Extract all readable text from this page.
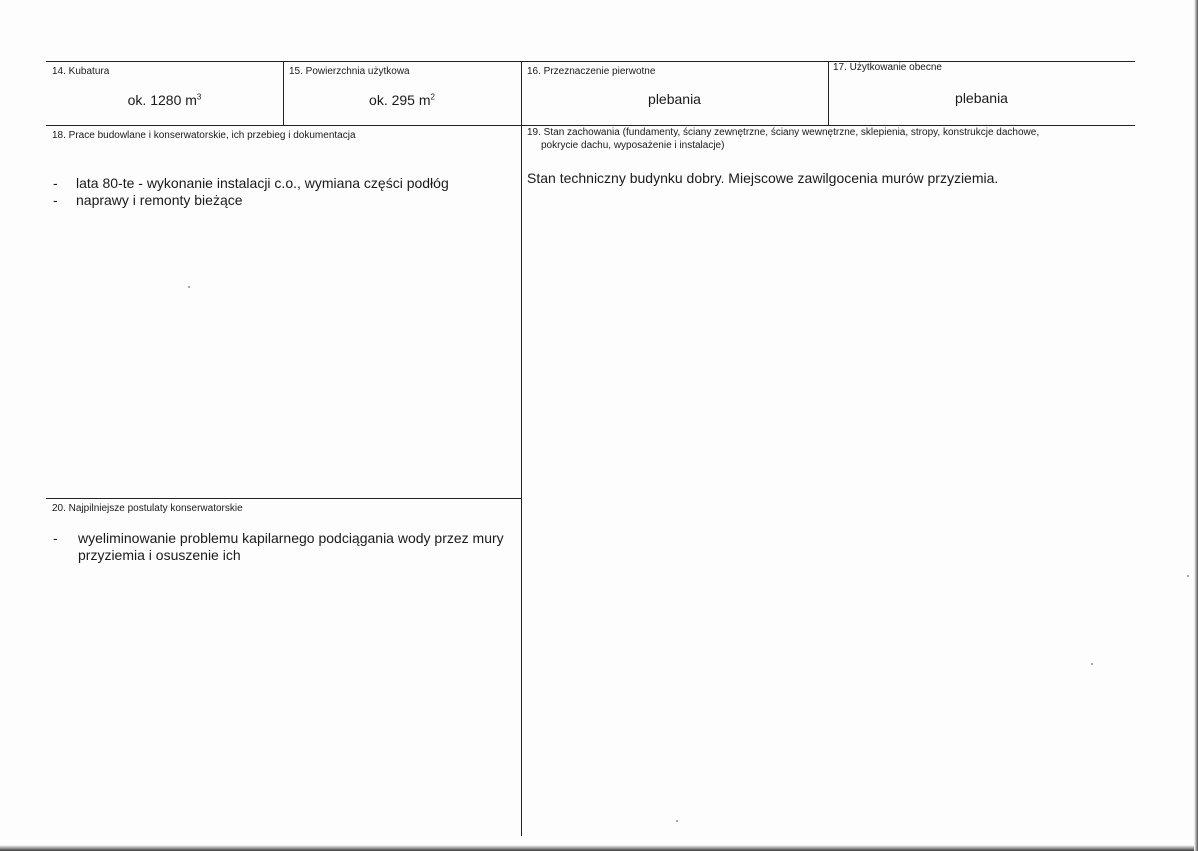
14. Kubatura
ok. 1280 $m^3$
15. Powierzchnia użytkowa
ok. 295 $m^2$
16. Przeznaczenie pierwotne
plebania
17. Użytkowanie obecne
plebania
18. Prace budowlane i konserwatorskie, ich przebieg i dokumentacja
- lata 80-te - wykonanie instalacji c.o., wymiana części podłóg
- naprawy i remonty bieżące
19. Stan zachowania (fundamenty, ściany zewnętrzne, ściany wewnętrzne, sklepienia, stropy, konstrukcje dachowe,
pokrycie dachu, wyposażenie i instalacje)
Stan techniczny budynku dobry. Miejscowe zawilgocenia murów przyziemia.
20. Najpilniejsze postulaty konserwatorskie
-	wyeliminowanie problemu kapilarnego podciągania wody przez mury przyziemia i osuszenie ich
